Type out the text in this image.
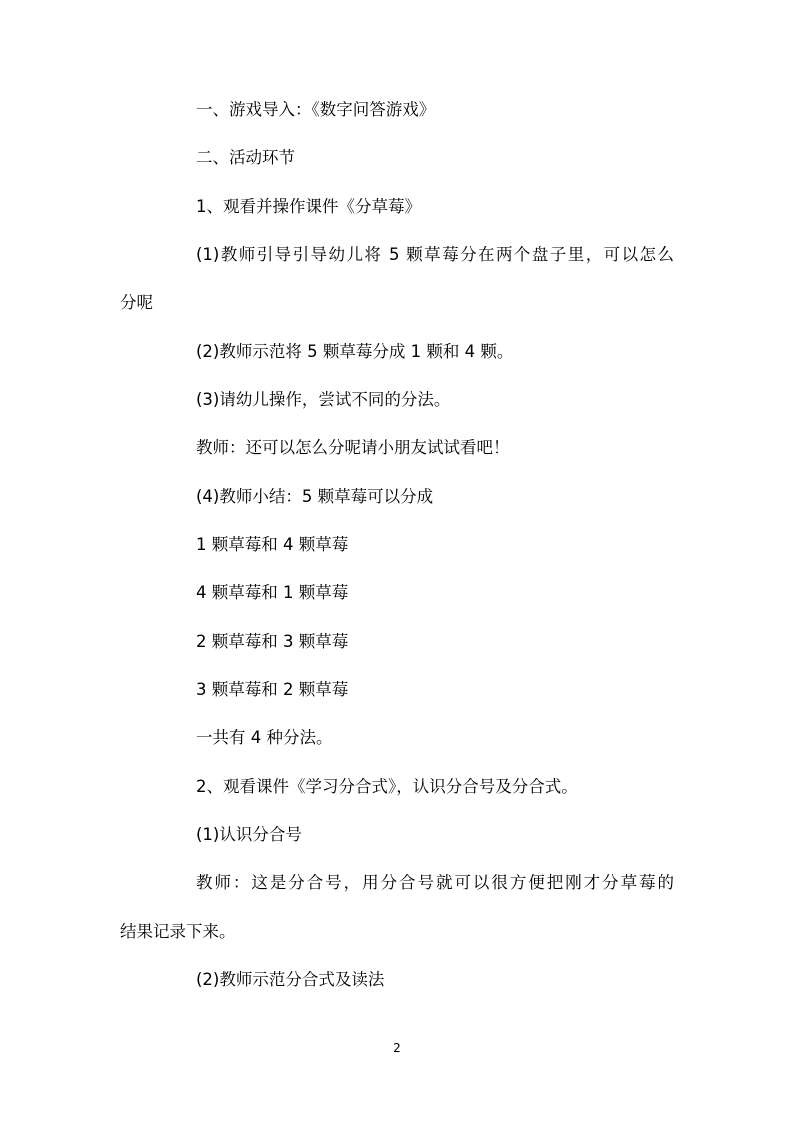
一、游戏导入：《数字问答游戏》
二、活动环节
1、观看并操作课件《分草莓》
(1)教师引导引导幼儿将 5 颗草莓分在两个盘子里，可以怎么
分呢
(2)教师示范将 5 颗草莓分成 1 颗和 4 颗。
(3)请幼儿操作，尝试不同的分法。
教师：还可以怎么分呢请小朋友试试看吧！
(4)教师小结：5 颗草莓可以分成
1 颗草莓和 4 颗草莓
4 颗草莓和 1 颗草莓
2 颗草莓和 3 颗草莓
3 颗草莓和 2 颗草莓
一共有 4 种分法。
2、观看课件《学习分合式》，认识分合号及分合式。
(1)认识分合号
教师：这是分合号，用分合号就可以很方便把刚才分草莓的
结果记录下来。
(2)教师示范分合式及读法
2
